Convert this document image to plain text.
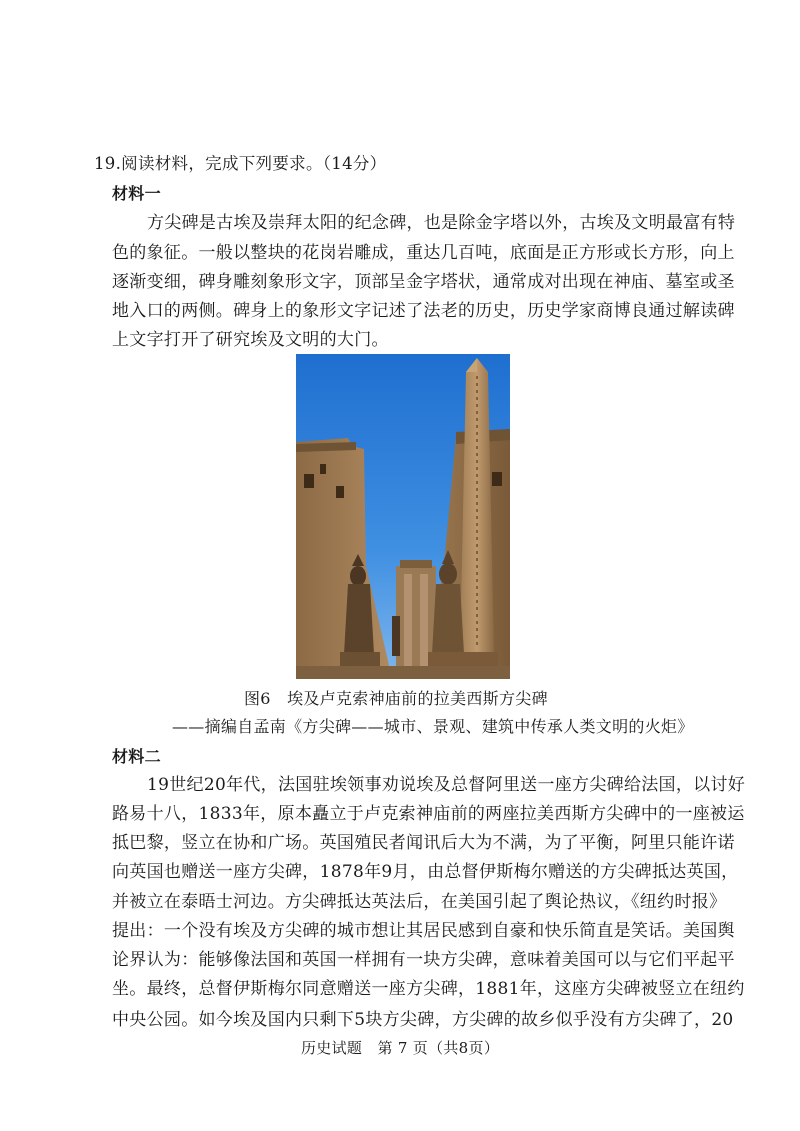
19.阅读材料，完成下列要求。（14分）
材料一
方尖碑是古埃及崇拜太阳的纪念碑，也是除金字塔以外，古埃及文明最富有特
色的象征。一般以整块的花岗岩雕成，重达几百吨，底面是正方形或长方形，向上
逐渐变细，碑身雕刻象形文字，顶部呈金字塔状，通常成对出现在神庙、墓室或圣
地入口的两侧。碑身上的象形文字记述了法老的历史，历史学家商博良通过解读碑
上文字打开了研究埃及文明的大门。
图6　埃及卢克索神庙前的拉美西斯方尖碑
——摘编自孟南《方尖碑——城市、景观、建筑中传承人类文明的火炬》
材料二
19世纪20年代，法国驻埃领事劝说埃及总督阿里送一座方尖碑给法国，以讨好
路易十八，1833年，原本矗立于卢克索神庙前的两座拉美西斯方尖碑中的一座被运
抵巴黎，竖立在协和广场。英国殖民者闻讯后大为不满，为了平衡，阿里只能许诺
向英国也赠送一座方尖碑，1878年9月，由总督伊斯梅尔赠送的方尖碑抵达英国，
并被立在泰晤士河边。方尖碑抵达英法后，在美国引起了舆论热议，《纽约时报》
提出：一个没有埃及方尖碑的城市想让其居民感到自豪和快乐简直是笑话。美国舆
论界认为：能够像法国和英国一样拥有一块方尖碑，意味着美国可以与它们平起平
坐。最终，总督伊斯梅尔同意赠送一座方尖碑，1881年，这座方尖碑被竖立在纽约
中央公园。如今埃及国内只剩下5块方尖碑，方尖碑的故乡似乎没有方尖碑了，20
历史试题　第 7 页（共8页）
